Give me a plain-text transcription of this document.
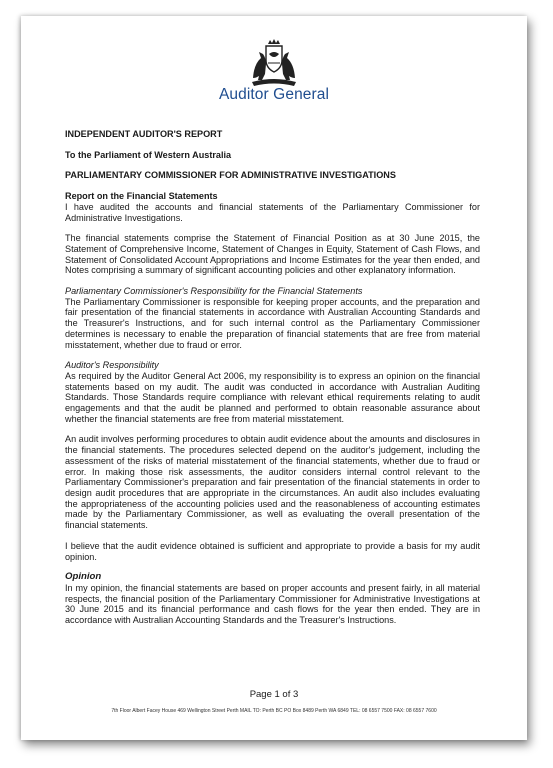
Auditor General
INDEPENDENT AUDITOR'S REPORT
To the Parliament of Western Australia
PARLIAMENTARY COMMISSIONER FOR ADMINISTRATIVE INVESTIGATIONS
Report on the Financial Statements

I have audited the accounts and financial statements of the Parliamentary Commissioner for Administrative Investigations.

The financial statements comprise the Statement of Financial Position as at 30 June 2015, the Statement of Comprehensive Income, Statement of Changes in Equity, Statement of Cash Flows, and Statement of Consolidated Account Appropriations and Income Estimates for the year then ended, and Notes comprising a summary of significant accounting policies and other explanatory information.

Parliamentary Commissioner's Responsibility for the Financial Statements

The Parliamentary Commissioner is responsible for keeping proper accounts, and the preparation and fair presentation of the financial statements in accordance with Australian Accounting Standards and the Treasurer's Instructions, and for such internal control as the Parliamentary Commissioner determines is necessary to enable the preparation of financial statements that are free from material misstatement, whether due to fraud or error.

Auditor's Responsibility

As required by the Auditor General Act 2006, my responsibility is to express an opinion on the financial statements based on my audit. The audit was conducted in accordance with Australian Auditing Standards. Those Standards require compliance with relevant ethical requirements relating to audit engagements and that the audit be planned and performed to obtain reasonable assurance about whether the financial statements are free from material misstatement.

An audit involves performing procedures to obtain audit evidence about the amounts and disclosures in the financial statements. The procedures selected depend on the auditor's judgement, including the assessment of the risks of material misstatement of the financial statements, whether due to fraud or error. In making those risk assessments, the auditor considers internal control relevant to the Parliamentary Commissioner's preparation and fair presentation of the financial statements in order to design audit procedures that are appropriate in the circumstances. An audit also includes evaluating the appropriateness of the accounting policies used and the reasonableness of accounting estimates made by the Parliamentary Commissioner, as well as evaluating the overall presentation of the financial statements.

I believe that the audit evidence obtained is sufficient and appropriate to provide a basis for my audit opinion.

Opinion

In my opinion, the financial statements are based on proper accounts and present fairly, in all material respects, the financial position of the Parliamentary Commissioner for Administrative Investigations at 30 June 2015 and its financial performance and cash flows for the year then ended. They are in accordance with Australian Accounting Standards and the Treasurer's Instructions.

Page 1 of 3
7th Floor Albert Facey House 469 Wellington Street Perth MAIL TO: Perth BC PO Box 8489 Perth WA 6849 TEL: 08 6557 7500 FAX: 08 6557 7600
